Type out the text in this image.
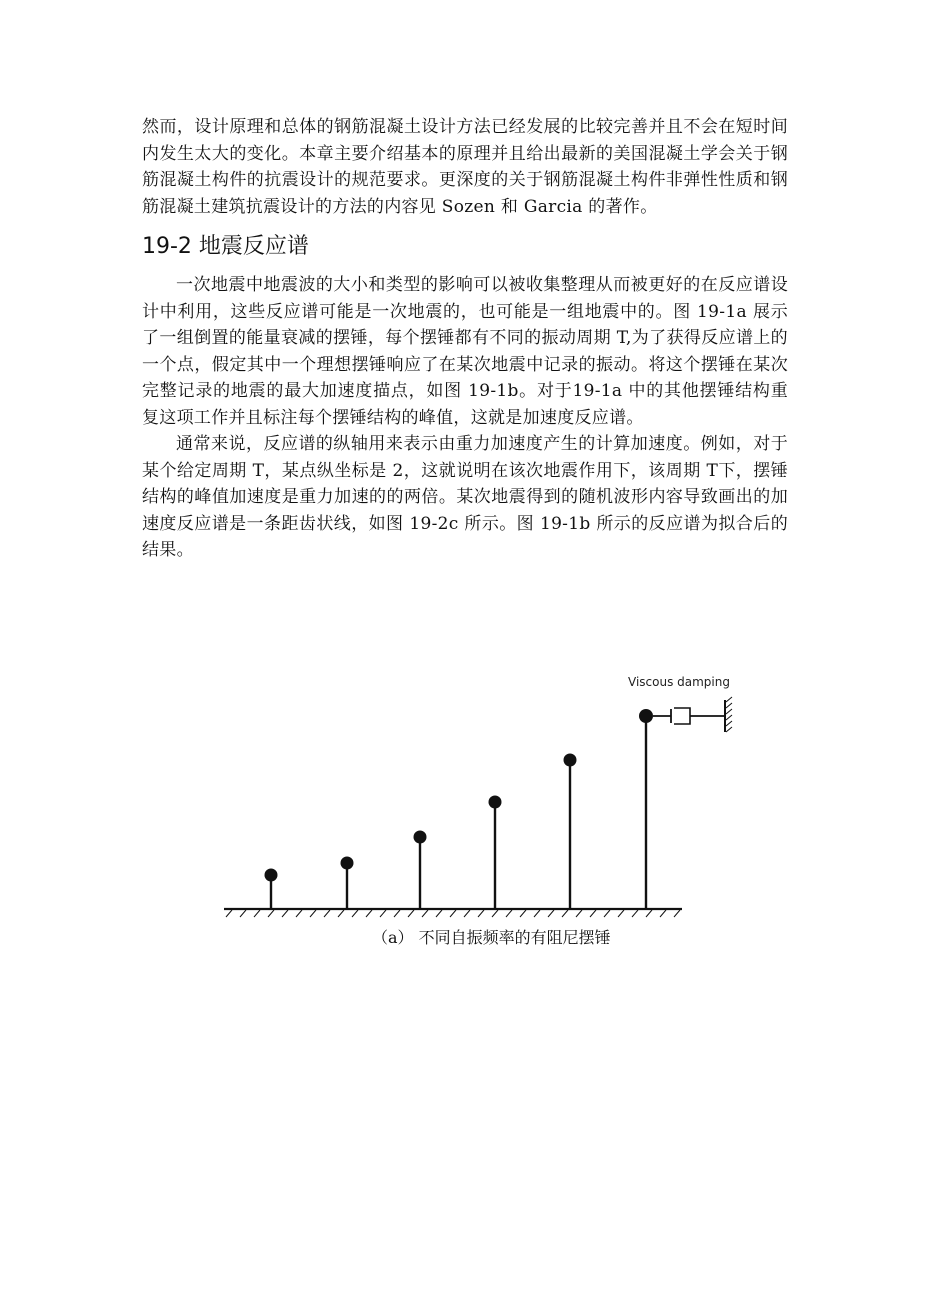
然而，设计原理和总体的钢筋混凝土设计方法已经发展的比较完善并且不会在短时间内发生太大的变化。本章主要介绍基本的原理并且给出最新的美国混凝土学会关于钢筋混凝土构件的抗震设计的规范要求。更深度的关于钢筋混凝土构件非弹性性质和钢筋混凝土建筑抗震设计的方法的内容见 Sozen 和 Garcia 的著作。

19-2 地震反应谱

一次地震中地震波的大小和类型的影响可以被收集整理从而被更好的在反应谱设计中利用，这些反应谱可能是一次地震的，也可能是一组地震中的。图 19-1a 展示了一组倒置的能量衰减的摆锤，每个摆锤都有不同的振动周期 T,为了获得反应谱上的一个点，假定其中一个理想摆锤响应了在某次地震中记录的振动。将这个摆锤在某次完整记录的地震的最大加速度描点，如图 19-1b。对于19-1a 中的其他摆锤结构重复这项工作并且标注每个摆锤结构的峰值，这就是加速度反应谱。

通常来说，反应谱的纵轴用来表示由重力加速度产生的计算加速度。例如，对于某个给定周期 T，某点纵坐标是 2，这就说明在该次地震作用下，该周期 T下，摆锤结构的峰值加速度是重力加速的的两倍。某次地震得到的随机波形内容导致画出的加速度反应谱是一条距齿状线，如图 19-2c 所示。图 19-1b 所示的反应谱为拟合后的结果。

Viscous damping
（a） 不同自振频率的有阻尼摆锤
